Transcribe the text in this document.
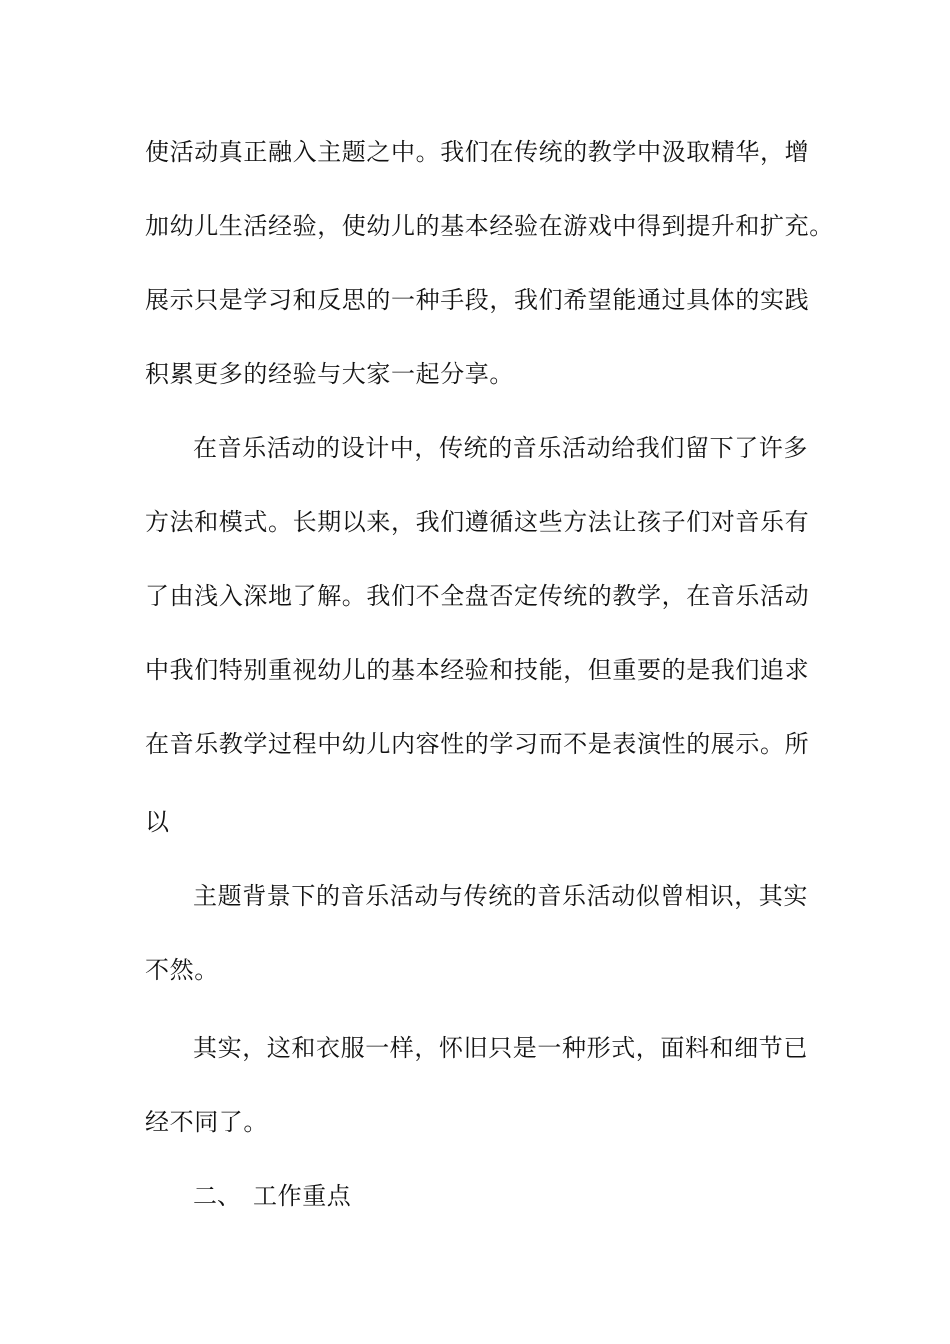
使活动真正融入主题之中。我们在传统的教学中汲取精华，增
加幼儿生活经验，使幼儿的基本经验在游戏中得到提升和扩充。
展示只是学习和反思的一种手段，我们希望能通过具体的实践
积累更多的经验与大家一起分享。
在音乐活动的设计中，传统的音乐活动给我们留下了许多
方法和模式。长期以来，我们遵循这些方法让孩子们对音乐有
了由浅入深地了解。我们不全盘否定传统的教学，在音乐活动
中我们特别重视幼儿的基本经验和技能，但重要的是我们追求
在音乐教学过程中幼儿内容性的学习而不是表演性的展示。所
以
主题背景下的音乐活动与传统的音乐活动似曾相识，其实
不然。
其实，这和衣服一样，怀旧只是一种形式，面料和细节已
经不同了。
二、 工作重点
